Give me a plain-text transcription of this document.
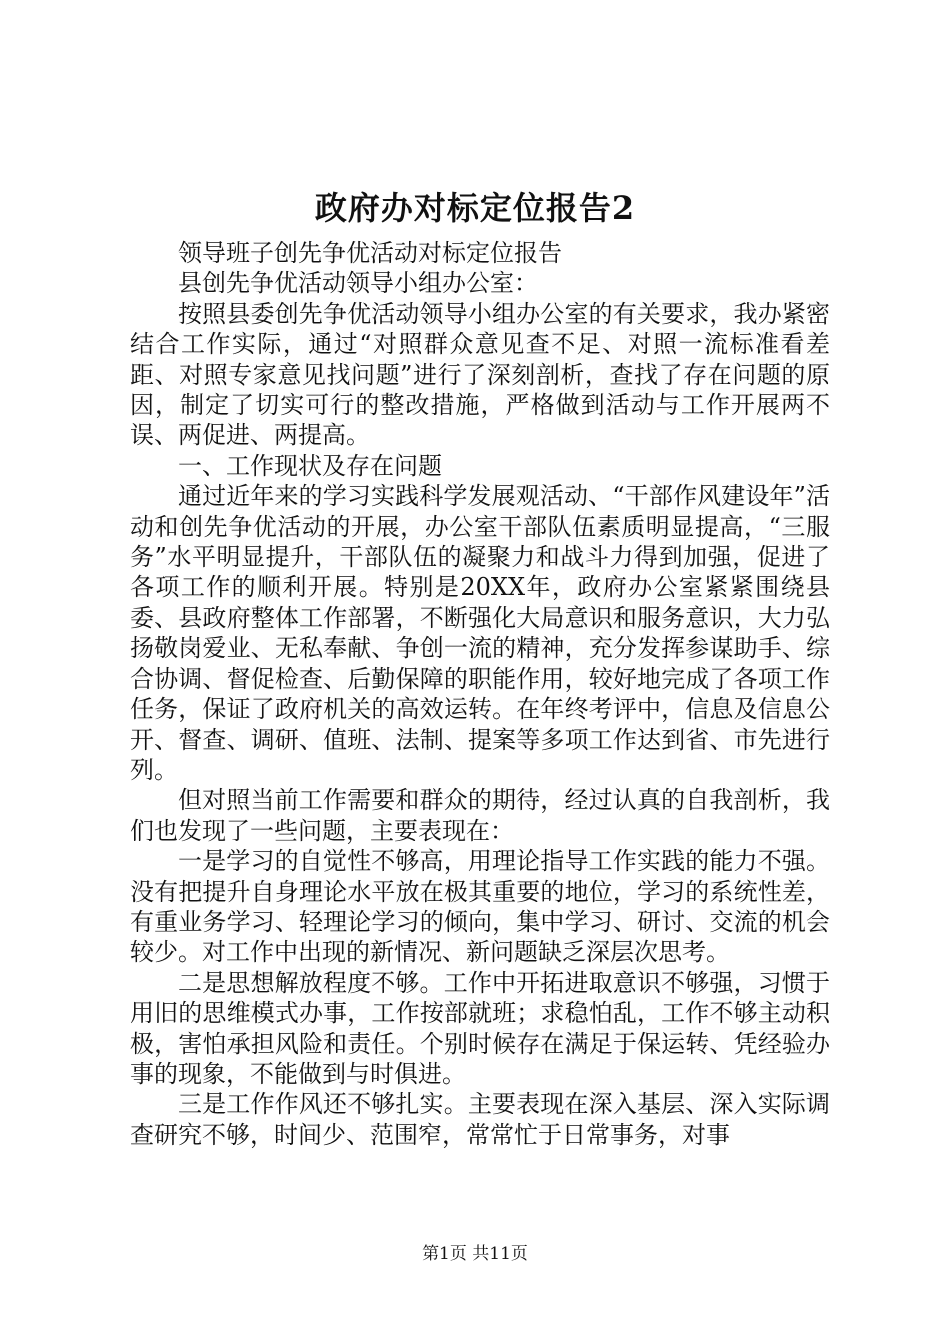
政府办对标定位报告2

领导班子创先争优活动对标定位报告

县创先争优活动领导小组办公室：

按照县委创先争优活动领导小组办公室的有关要求，我办紧密结合工作实际，通过“对照群众意见查不足、对照一流标准看差距、对照专家意见找问题”进行了深刻剖析，查找了存在问题的原因，制定了切实可行的整改措施，严格做到活动与工作开展两不误、两促进、两提高。

一、工作现状及存在问题

通过近年来的学习实践科学发展观活动、“干部作风建设年”活动和创先争优活动的开展，办公室干部队伍素质明显提高，“三服务”水平明显提升，干部队伍的凝聚力和战斗力得到加强，促进了各项工作的顺利开展。特别是20XX年，政府办公室紧紧围绕县委、县政府整体工作部署，不断强化大局意识和服务意识，大力弘扬敬岗爱业、无私奉献、争创一流的精神，充分发挥参谋助手、综合协调、督促检查、后勤保障的职能作用，较好地完成了各项工作任务，保证了政府机关的高效运转。在年终考评中，信息及信息公开、督查、调研、值班、法制、提案等多项工作达到省、市先进行列。

但对照当前工作需要和群众的期待，经过认真的自我剖析，我们也发现了一些问题，主要表现在：

一是学习的自觉性不够高，用理论指导工作实践的能力不强。没有把提升自身理论水平放在极其重要的地位，学习的系统性差，有重业务学习、轻理论学习的倾向，集中学习、研讨、交流的机会较少。对工作中出现的新情况、新问题缺乏深层次思考。

二是思想解放程度不够。工作中开拓进取意识不够强，习惯于用旧的思维模式办事，工作按部就班；求稳怕乱，工作不够主动积极，害怕承担风险和责任。个别时候存在满足于保运转、凭经验办事的现象，不能做到与时俱进。

三是工作作风还不够扎实。主要表现在深入基层、深入实际调查研究不够，时间少、范围窄，常常忙于日常事务，对事

第1页 共11页
